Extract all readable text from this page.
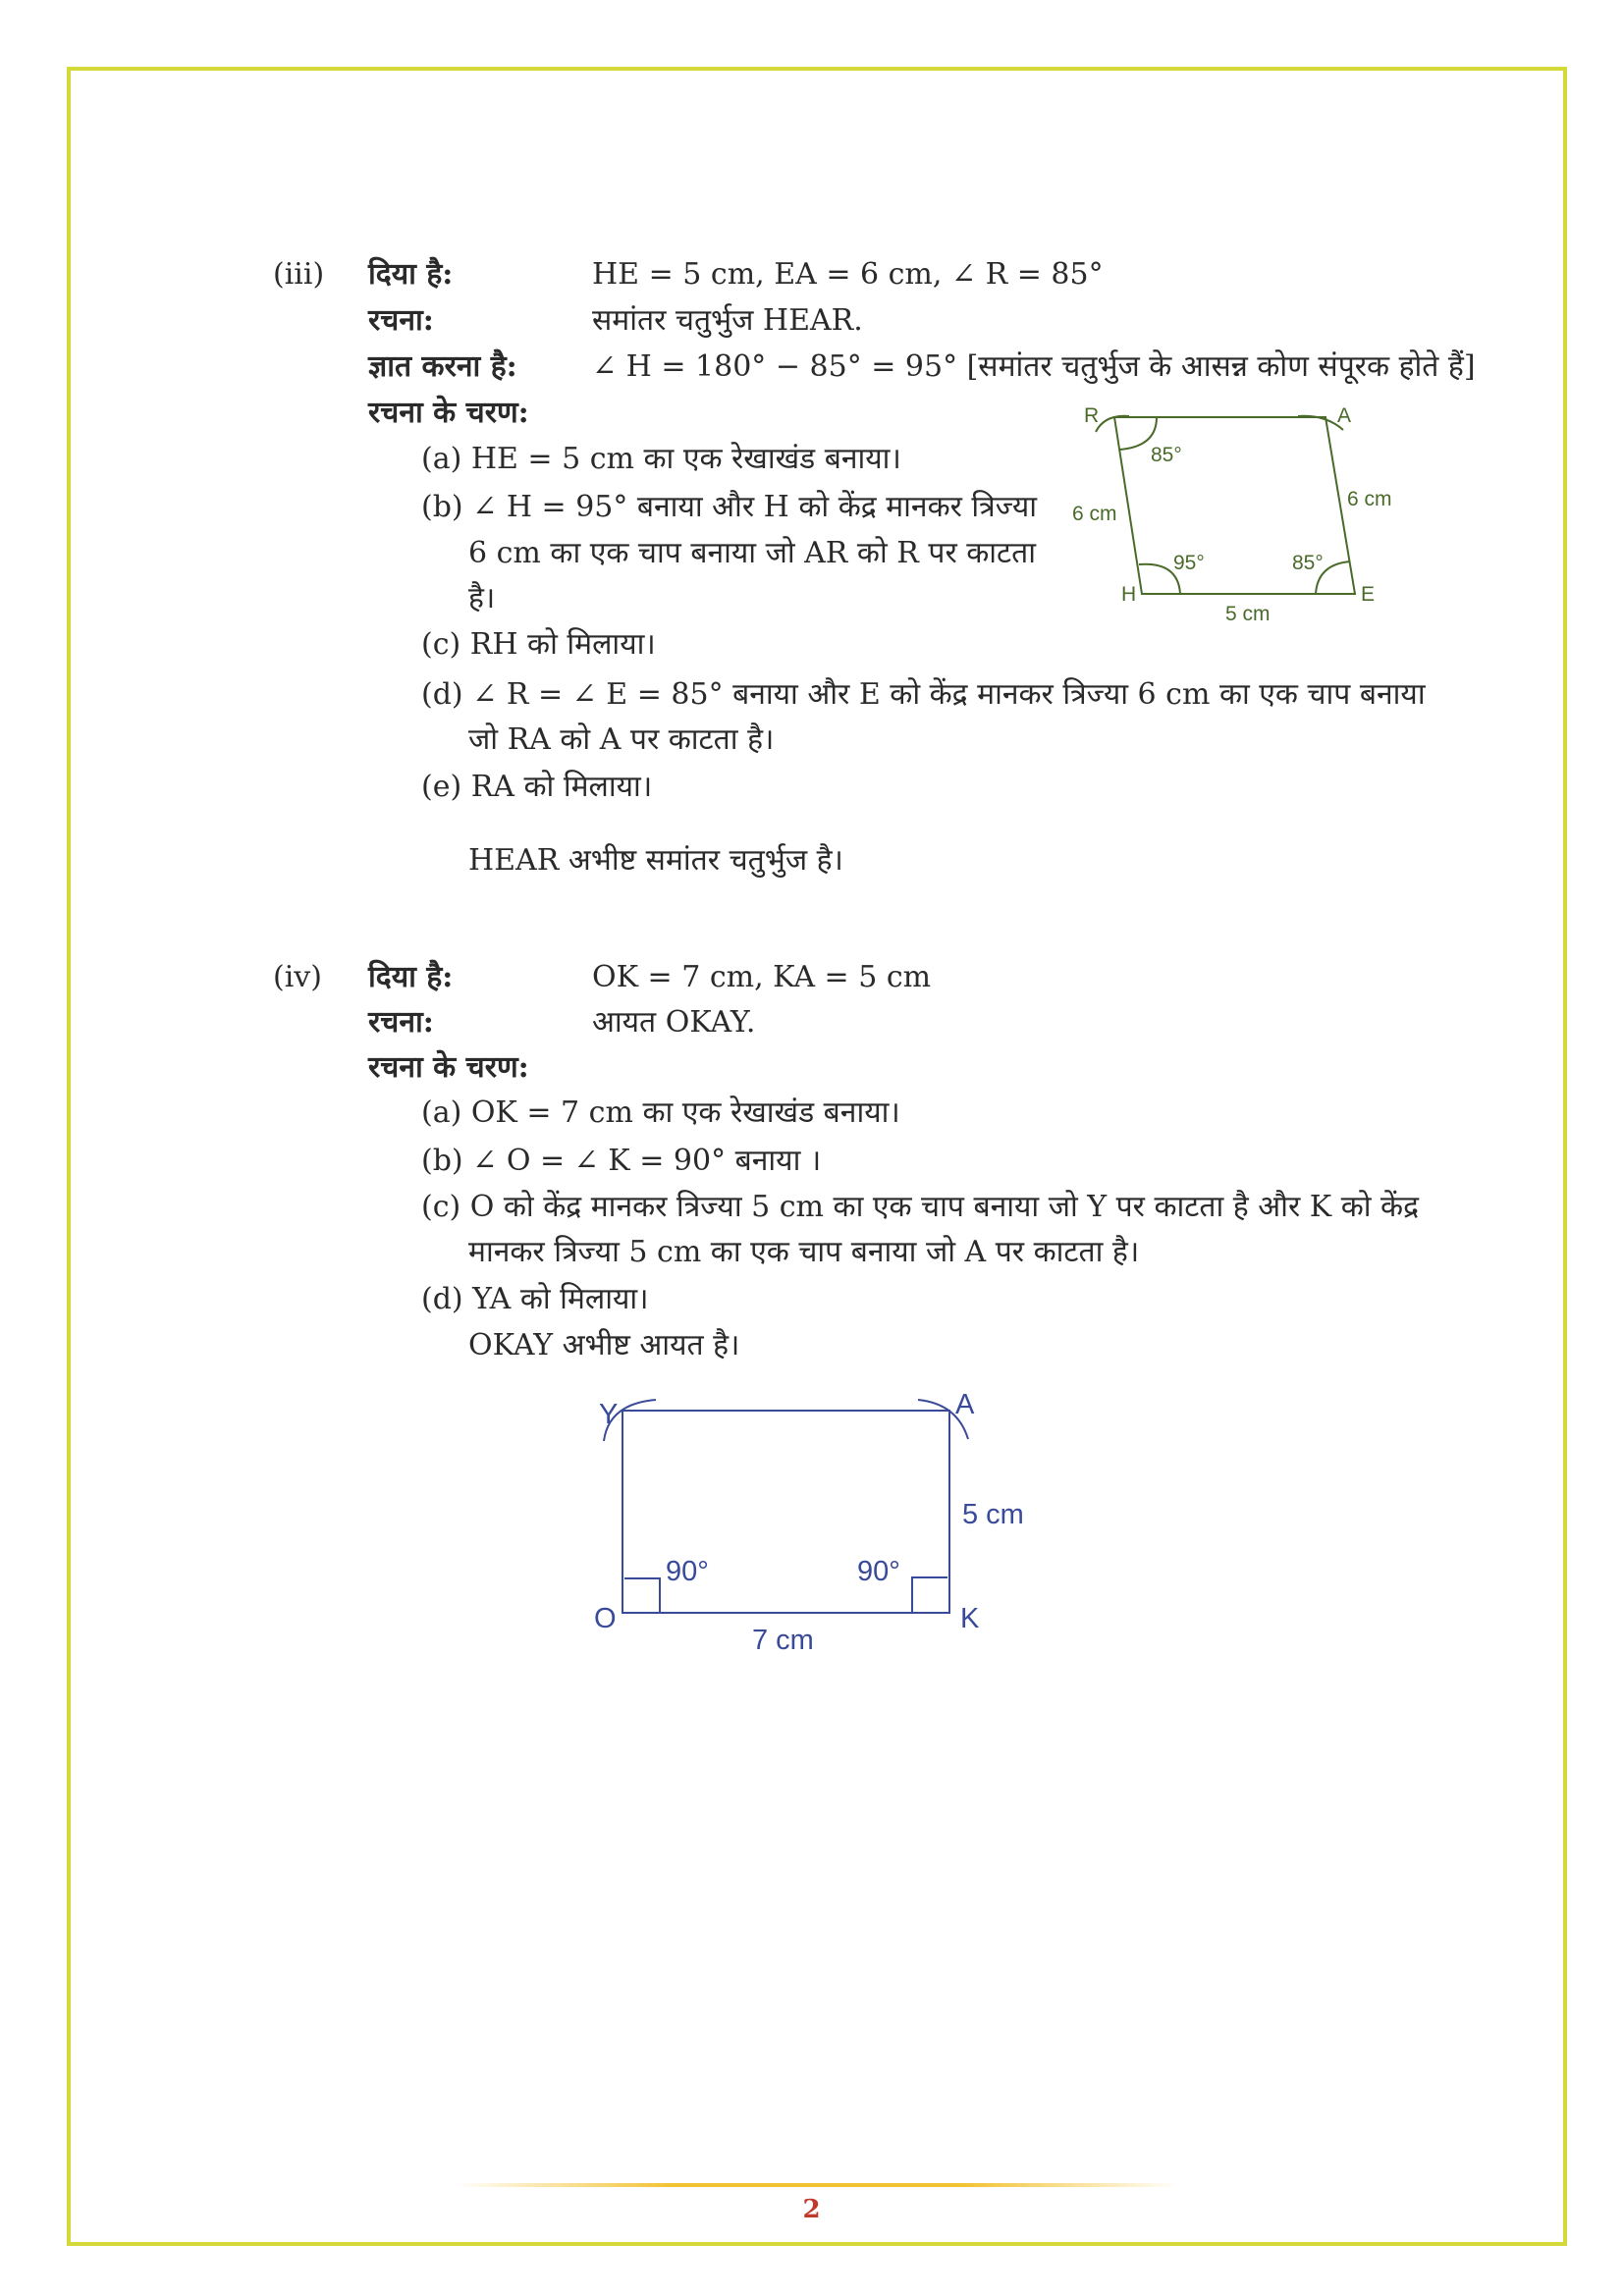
(iii) दिया है:	HE = 5 cm, EA = 6 cm, ∠ R = 85°
रचना:	समांतर चतुर्भुज HEAR.
ज्ञात करना है:	∠ H = 180° − 85° = 95° [समांतर चतुर्भुज के आसन्न कोण संपूरक होते हैं]
रचना के चरण:
(a) HE = 5 cm का एक रेखाखंड बनाया।
(b) ∠ H = 95° बनाया और H को केंद्र मानकर त्रिज्या
6 cm का एक चाप बनाया जो AR को R पर काटता
है।
(c) RH को मिलाया।
(d) ∠ R = ∠ E = 85° बनाया और E को केंद्र मानकर त्रिज्या 6 cm का एक चाप बनाया
जो RA को A पर काटता है।
(e) RA को मिलाया।
HEAR अभीष्ट समांतर चतुर्भुज है।
R	A
H	E
6 cm
6 cm
5 cm
85°
95°	85°
(iv) दिया है:	OK = 7 cm, KA = 5 cm
रचना:	आयत OKAY.
रचना के चरण:
(a) OK = 7 cm का एक रेखाखंड बनाया।
(b) ∠ O = ∠ K = 90° बनाया ।
(c) O को केंद्र मानकर त्रिज्या 5 cm का एक चाप बनाया जो Y पर काटता है और K को केंद्र
मानकर त्रिज्या 5 cm का एक चाप बनाया जो A पर काटता है।
(d) YA को मिलाया।
OKAY अभीष्ट आयत है।
Y	A
O	K
5 cm
7 cm
90°	90°
2
